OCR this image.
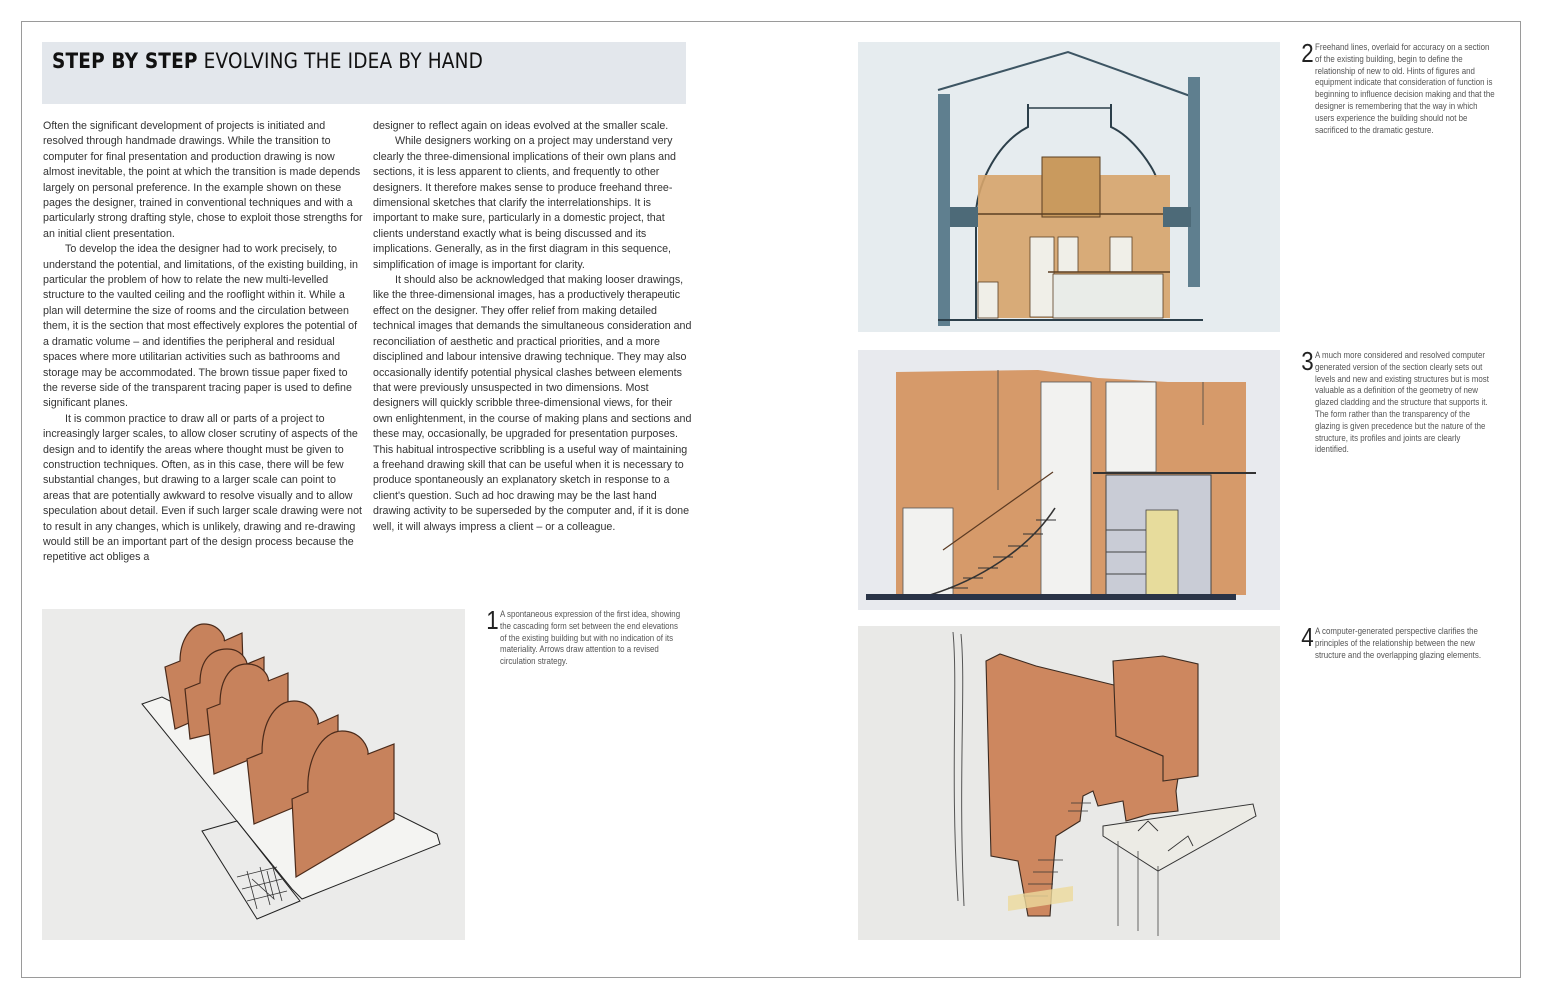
STEP BY STEP EVOLVING THE IDEA BY HAND

Often the significant development of projects is initiated and resolved through handmade drawings. While the transition to computer for final presentation and production drawing is now almost inevitable, the point at which the transition is made depends largely on personal preference. In the example shown on these pages the designer, trained in conventional techniques and with a particularly strong drafting style, chose to exploit those strengths for an initial client presentation.

To develop the idea the designer had to work precisely, to understand the potential, and limitations, of the existing building, in particular the problem of how to relate the new multi-levelled structure to the vaulted ceiling and the rooflight within it. While a plan will determine the size of rooms and the circulation between them, it is the section that most effectively explores the potential of a dramatic volume – and identifies the peripheral and residual spaces where more utilitarian activities such as bathrooms and storage may be accommodated. The brown tissue paper fixed to the reverse side of the transparent tracing paper is used to define significant planes.

It is common practice to draw all or parts of a project to increasingly larger scales, to allow closer scrutiny of aspects of the design and to identify the areas where thought must be given to construction techniques. Often, as in this case, there will be few substantial changes, but drawing to a larger scale can point to areas that are potentially awkward to resolve visually and to allow speculation about detail. Even if such larger scale drawing were not to result in any changes, which is unlikely, drawing and re-drawing would still be an important part of the design process because the repetitive act obliges a

designer to reflect again on ideas evolved at the smaller scale.

While designers working on a project may understand very clearly the three-dimensional implications of their own plans and sections, it is less apparent to clients, and frequently to other designers. It therefore makes sense to produce freehand three-dimensional sketches that clarify the interrelationships. It is important to make sure, particularly in a domestic project, that clients understand exactly what is being discussed and its implications. Generally, as in the first diagram in this sequence, simplification of image is important for clarity.

It should also be acknowledged that making looser drawings, like the three-dimensional images, has a productively therapeutic effect on the designer. They offer relief from making detailed technical images that demands the simultaneous consideration and reconciliation of aesthetic and practical priorities, and a more disciplined and labour intensive drawing technique. They may also occasionally identify potential physical clashes between elements that were previously unsuspected in two dimensions. Most designers will quickly scribble three-dimensional views, for their own enlightenment, in the course of making plans and sections and these may, occasionally, be upgraded for presentation purposes. This habitual introspective scribbling is a useful way of maintaining a freehand drawing skill that can be useful when it is necessary to produce spontaneously an explanatory sketch in response to a client's question. Such ad hoc drawing may be the last hand drawing activity to be superseded by the computer and, if it is done well, it will always impress a client – or a colleague.

1 A spontaneous expression of the first idea, showing the cascading form set between the end elevations of the existing building but with no indication of its materiality. Arrows draw attention to a revised circulation strategy.
2 Freehand lines, overlaid for accuracy on a section of the existing building, begin to define the relationship of new to old. Hints of figures and equipment indicate that consideration of function is beginning to influence decision making and that the designer is remembering that the way in which users experience the building should not be sacrificed to the dramatic gesture.
3 A much more considered and resolved computer generated version of the section clearly sets out levels and new and existing structures but is most valuable as a definition of the geometry of new glazed cladding and the structure that supports it. The form rather than the transparency of the glazing is given precedence but the nature of the structure, its profiles and joints are clearly identified.
4 A computer-generated perspective clarifies the principles of the relationship between the new structure and the overlapping glazing elements.
